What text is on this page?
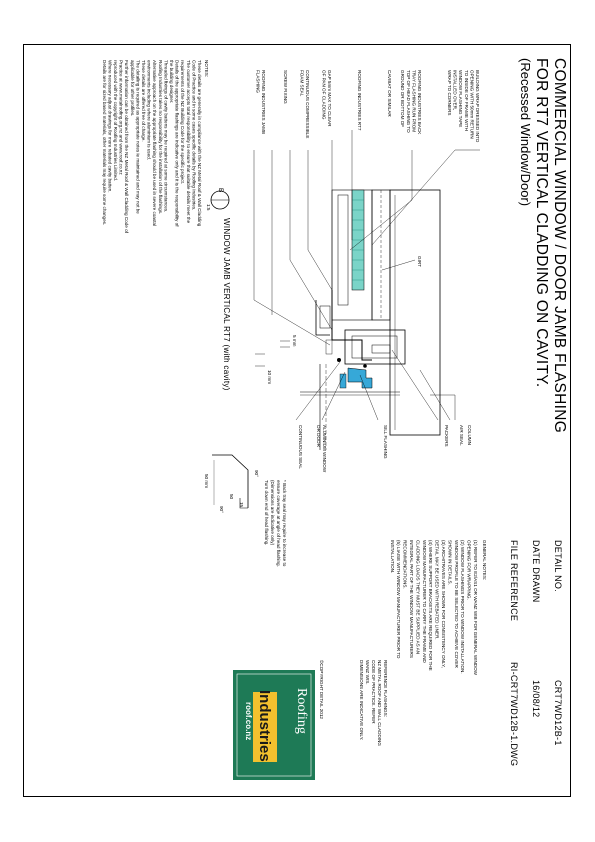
COMMERCIAL WINDOW / DOOR JAMB FLASHING
FOR RT7 VERTICAL CLADDING ON CAVITY.
(Recessed Window/Door)
DETAIL NO.
CRT7WD12B-1
DATE DRAWN
16/08/12
FILE REFERENCE
RI-CRT7WD12B-1.DWG
GENERAL NOTES:
(1) REFER TO E2/AS1 OR WANZ WIB FOR GENERAL WINDOW
OPENING FOR WRAPPING.
(2) WINDOW FLASHINGS PRIOR TO WINDOW INSTALLATION.
WINDOW PROFILE TO BE SELECTED TO ACHIEVE COVER
SHOWN IN DETAILS.
(3) ARCHITRAVES ARE SHOWN FOR CONSISTENCY ONLY,
DETAIL MAY BE USED WITH REBATED LINER.
(4) WHERE SUPPORT BRACKETS ARE REQUIRED FOR THE
WINDOW MANUFACTURER TO CARRY THE FRAME AND
CLADDING LOADS THEY MUST BE SUPPLIED AS AN
INTEGRAL PART OF THE WINDOW MANUFACTURERS
RECOMMENDATIONS.
(5) LIAISE WITH WINDOW MANUFACTURER PRIOR TO
INSTALLATION.
REFERENCE FLASHINGS:
NZ METAL ROOF AND WALL CLADDING
CODE OF PRACTICE. REFER
WANZ WIS.
DIMENSIONS ARE INDICATIVE ONLY.
©COPYRIGHT DETAIL 2012
Roofing
Industries
roof.co.nz
NOTES:
These details are generally in compliance with the NZ Metal Roof & Wall Cladding
Code of Practice and in some cases specific details by Roofing Industries.
The customer accepts total responsibility to ensure that suitable details meet the
requirements of the NZ Building Code for the specific project.
Details of the appropriate flashings are indicative only and it is the responsibility of
the building designer.
Threaded fixings of cavity battens may be required at some circumstances.
Roofing Industries takes no responsibility for the installation of the flashings.
Alternative approach on the appropriate flashing should be used in severe coastal
environments including where aluminium is used.
These details are offered free of charge.
The detailing is required as appropriate notes ie maintained and may not be
applicable for other profiles.
Further information can be obtained from the NZ Metal Roof & Wall Cladding Code of
Practice at www.metalroofing.org.nz and www.roof.co.nz
reproduced with the copyright of Roofing Industries Limited.
Where necessary adjust drawings for more rebated cavity batten.
Details are for sized based materials, other materials may require some changes.	BUILDING WRAP DRESSED INTO
OPENING WITH 50mm RETURN
TO INSIDE OF FRAME WITH
WINDOW FLASHING TAPE
INSTALLED OVER,
WRAP TO CORNERS
ROOFING INDUSTRIES BACK
TRAY FLASHING RUN FROM
TOP OF HEAD FLASHING TO
GROUND OR BOTTOM OF
CAVIBAT OR SIMILAR
ROOFING INDUSTRIES RT7
GAP 5mm MAX TO CLEAR
OF PAN OF CLADDING
CONTINUOUS COMPRESSIBLE
FOAM SEAL
SCREW FIXING
ROOFING INDUSTRIES JAMB
FLASHING
GIRT
COLUMN
AIR SEAL
PACKERS
SILL FLASHING
ALUMINIUM WINDOW
OR DOOR
CONTINUOUS SEAL
5 mm
10 mm
B
1:5
WINDOW JAMB VERTICAL RT7 (with cavity)
* Back tray seal may require to increase to
ensure coverage at angle of head flashing.
(Dimensions are indicative only)
Turn down end of head flashing.
90°
90°
50 mm
15
50
